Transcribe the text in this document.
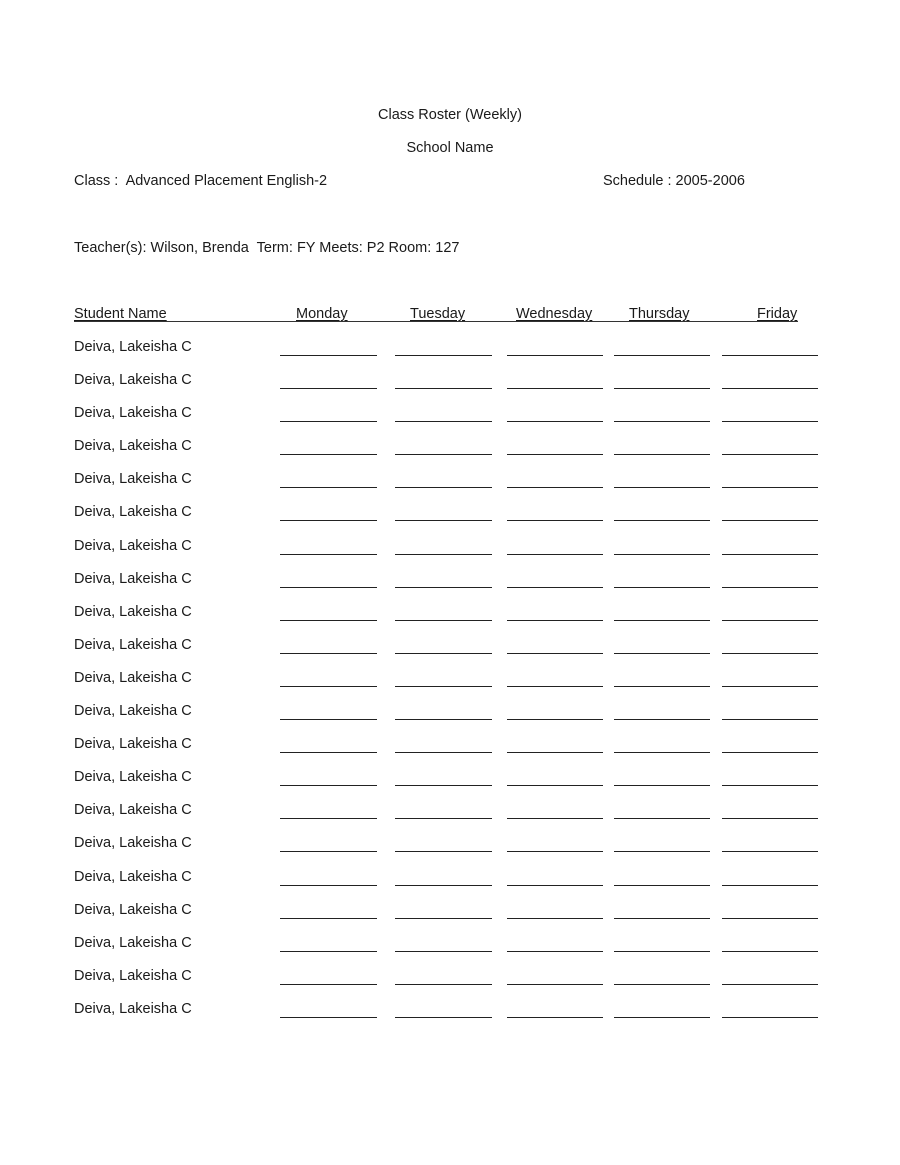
Class Roster (Weekly)
School Name
Class :  Advanced Placement English-2	Schedule : 2005-2006
Teacher(s): Wilson, Brenda  Term: FY Meets: P2 Room: 127
Student Name	Monday	Tuesday	Wednesday	Thursday	Friday
Deiva, Lakeisha C
Deiva, Lakeisha C
Deiva, Lakeisha C
Deiva, Lakeisha C
Deiva, Lakeisha C
Deiva, Lakeisha C
Deiva, Lakeisha C
Deiva, Lakeisha C
Deiva, Lakeisha C
Deiva, Lakeisha C
Deiva, Lakeisha C
Deiva, Lakeisha C
Deiva, Lakeisha C
Deiva, Lakeisha C
Deiva, Lakeisha C
Deiva, Lakeisha C
Deiva, Lakeisha C
Deiva, Lakeisha C
Deiva, Lakeisha C
Deiva, Lakeisha C
Deiva, Lakeisha C
